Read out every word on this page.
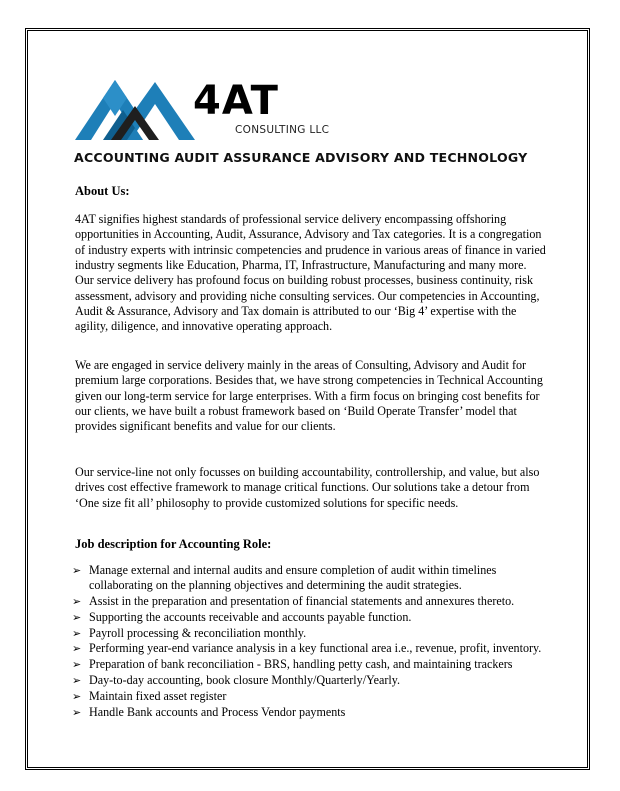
4AT
CONSULTING LLC
ACCOUNTING AUDIT ASSURANCE ADVISORY AND TECHNOLOGY
About Us:
4AT signifies highest standards of professional service delivery encompassing offshoring opportunities in Accounting, Audit, Assurance, Advisory and Tax categories. It is a congregation of industry experts with intrinsic competencies and prudence in various areas of finance in varied industry segments like Education, Pharma, IT, Infrastructure, Manufacturing and many more. Our service delivery has profound focus on building robust processes, business continuity, risk assessment, advisory and providing niche consulting services. Our competencies in Accounting, Audit & Assurance, Advisory and Tax domain is attributed to our ‘Big 4’ expertise with the agility, diligence, and innovative operating approach.
We are engaged in service delivery mainly in the areas of Consulting, Advisory and Audit for premium large corporations. Besides that, we have strong competencies in Technical Accounting given our long-term service for large enterprises. With a firm focus on bringing cost benefits for our clients, we have built a robust framework based on ‘Build Operate Transfer’ model that provides significant benefits and value for our clients.
Our service-line not only focusses on building accountability, controllership, and value, but also drives cost effective framework to manage critical functions. Our solutions take a detour from ‘One size fit all’ philosophy to provide customized solutions for specific needs.
Job description for Accounting Role:
➢ Manage external and internal audits and ensure completion of audit within timelines collaborating on the planning objectives and determining the audit strategies.
➢ Assist in the preparation and presentation of financial statements and annexures thereto.
➢ Supporting the accounts receivable and accounts payable function.
➢ Payroll processing & reconciliation monthly.
➢ Performing year-end variance analysis in a key functional area i.e., revenue, profit, inventory.
➢ Preparation of bank reconciliation - BRS, handling petty cash, and maintaining trackers
➢ Day-to-day accounting, book closure Monthly/Quarterly/Yearly.
➢ Maintain fixed asset register
➢ Handle Bank accounts and Process Vendor payments
